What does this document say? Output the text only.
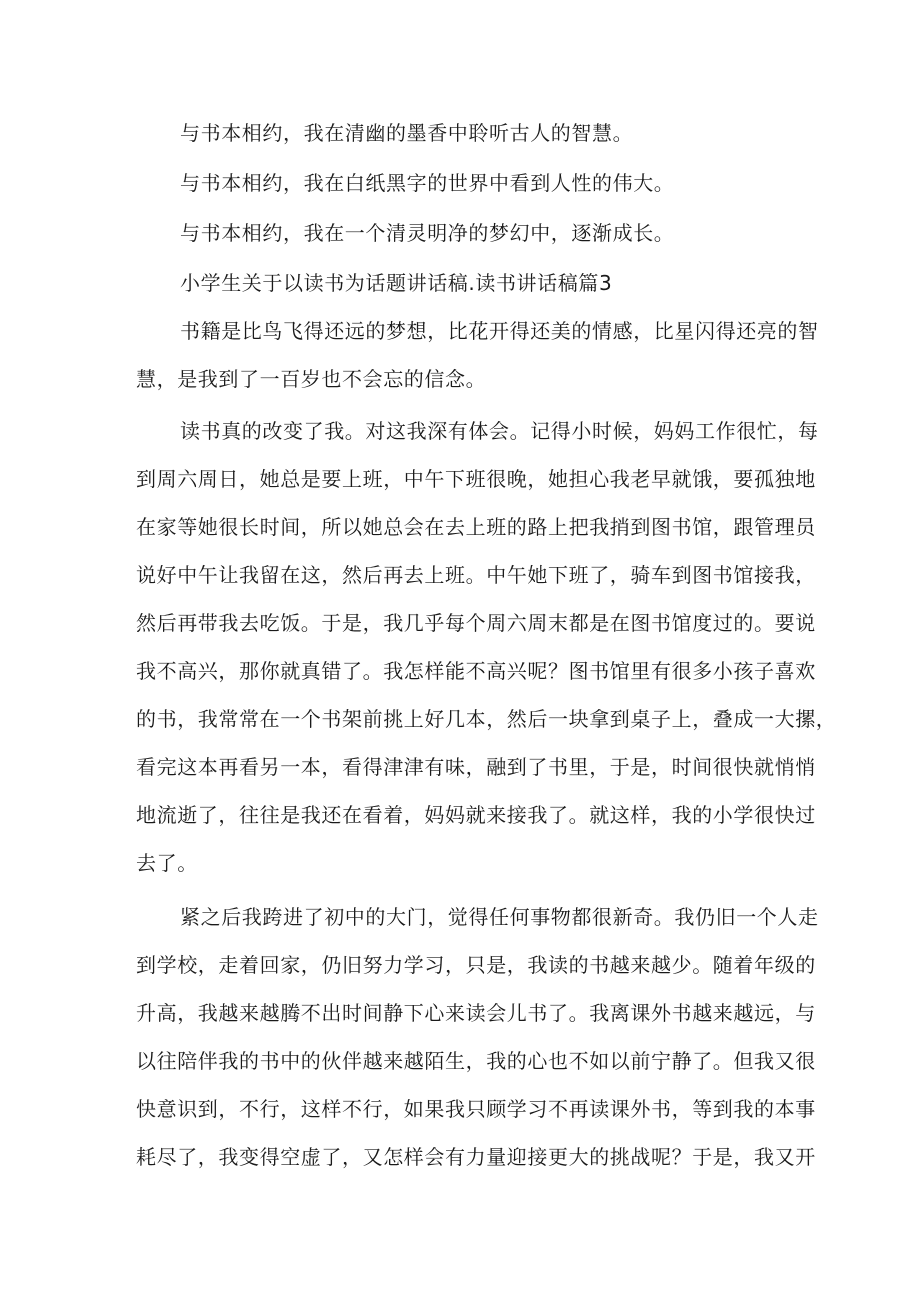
与书本相约，我在清幽的墨香中聆听古人的智慧。
与书本相约，我在白纸黑字的世界中看到人性的伟大。
与书本相约，我在一个清灵明净的梦幻中，逐渐成长。
小学生关于以读书为话题讲话稿.读书讲话稿篇3
书籍是比鸟飞得还远的梦想，比花开得还美的情感，比星闪得还亮的智
慧，是我到了一百岁也不会忘的信念。
读书真的改变了我。对这我深有体会。记得小时候，妈妈工作很忙，每
到周六周日，她总是要上班，中午下班很晚，她担心我老早就饿，要孤独地
在家等她很长时间，所以她总会在去上班的路上把我捎到图书馆，跟管理员
说好中午让我留在这，然后再去上班。中午她下班了，骑车到图书馆接我，
然后再带我去吃饭。于是，我几乎每个周六周末都是在图书馆度过的。要说
我不高兴，那你就真错了。我怎样能不高兴呢？图书馆里有很多小孩子喜欢
的书，我常常在一个书架前挑上好几本，然后一块拿到桌子上，叠成一大摞，
看完这本再看另一本，看得津津有味，融到了书里，于是，时间很快就悄悄
地流逝了，往往是我还在看着，妈妈就来接我了。就这样，我的小学很快过
去了。
紧之后我跨进了初中的大门，觉得任何事物都很新奇。我仍旧一个人走
到学校，走着回家，仍旧努力学习，只是，我读的书越来越少。随着年级的
升高，我越来越腾不出时间静下心来读会儿书了。我离课外书越来越远，与
以往陪伴我的书中的伙伴越来越陌生，我的心也不如以前宁静了。但我又很
快意识到，不行，这样不行，如果我只顾学习不再读课外书，等到我的本事
耗尽了，我变得空虚了，又怎样会有力量迎接更大的挑战呢？于是，我又开
